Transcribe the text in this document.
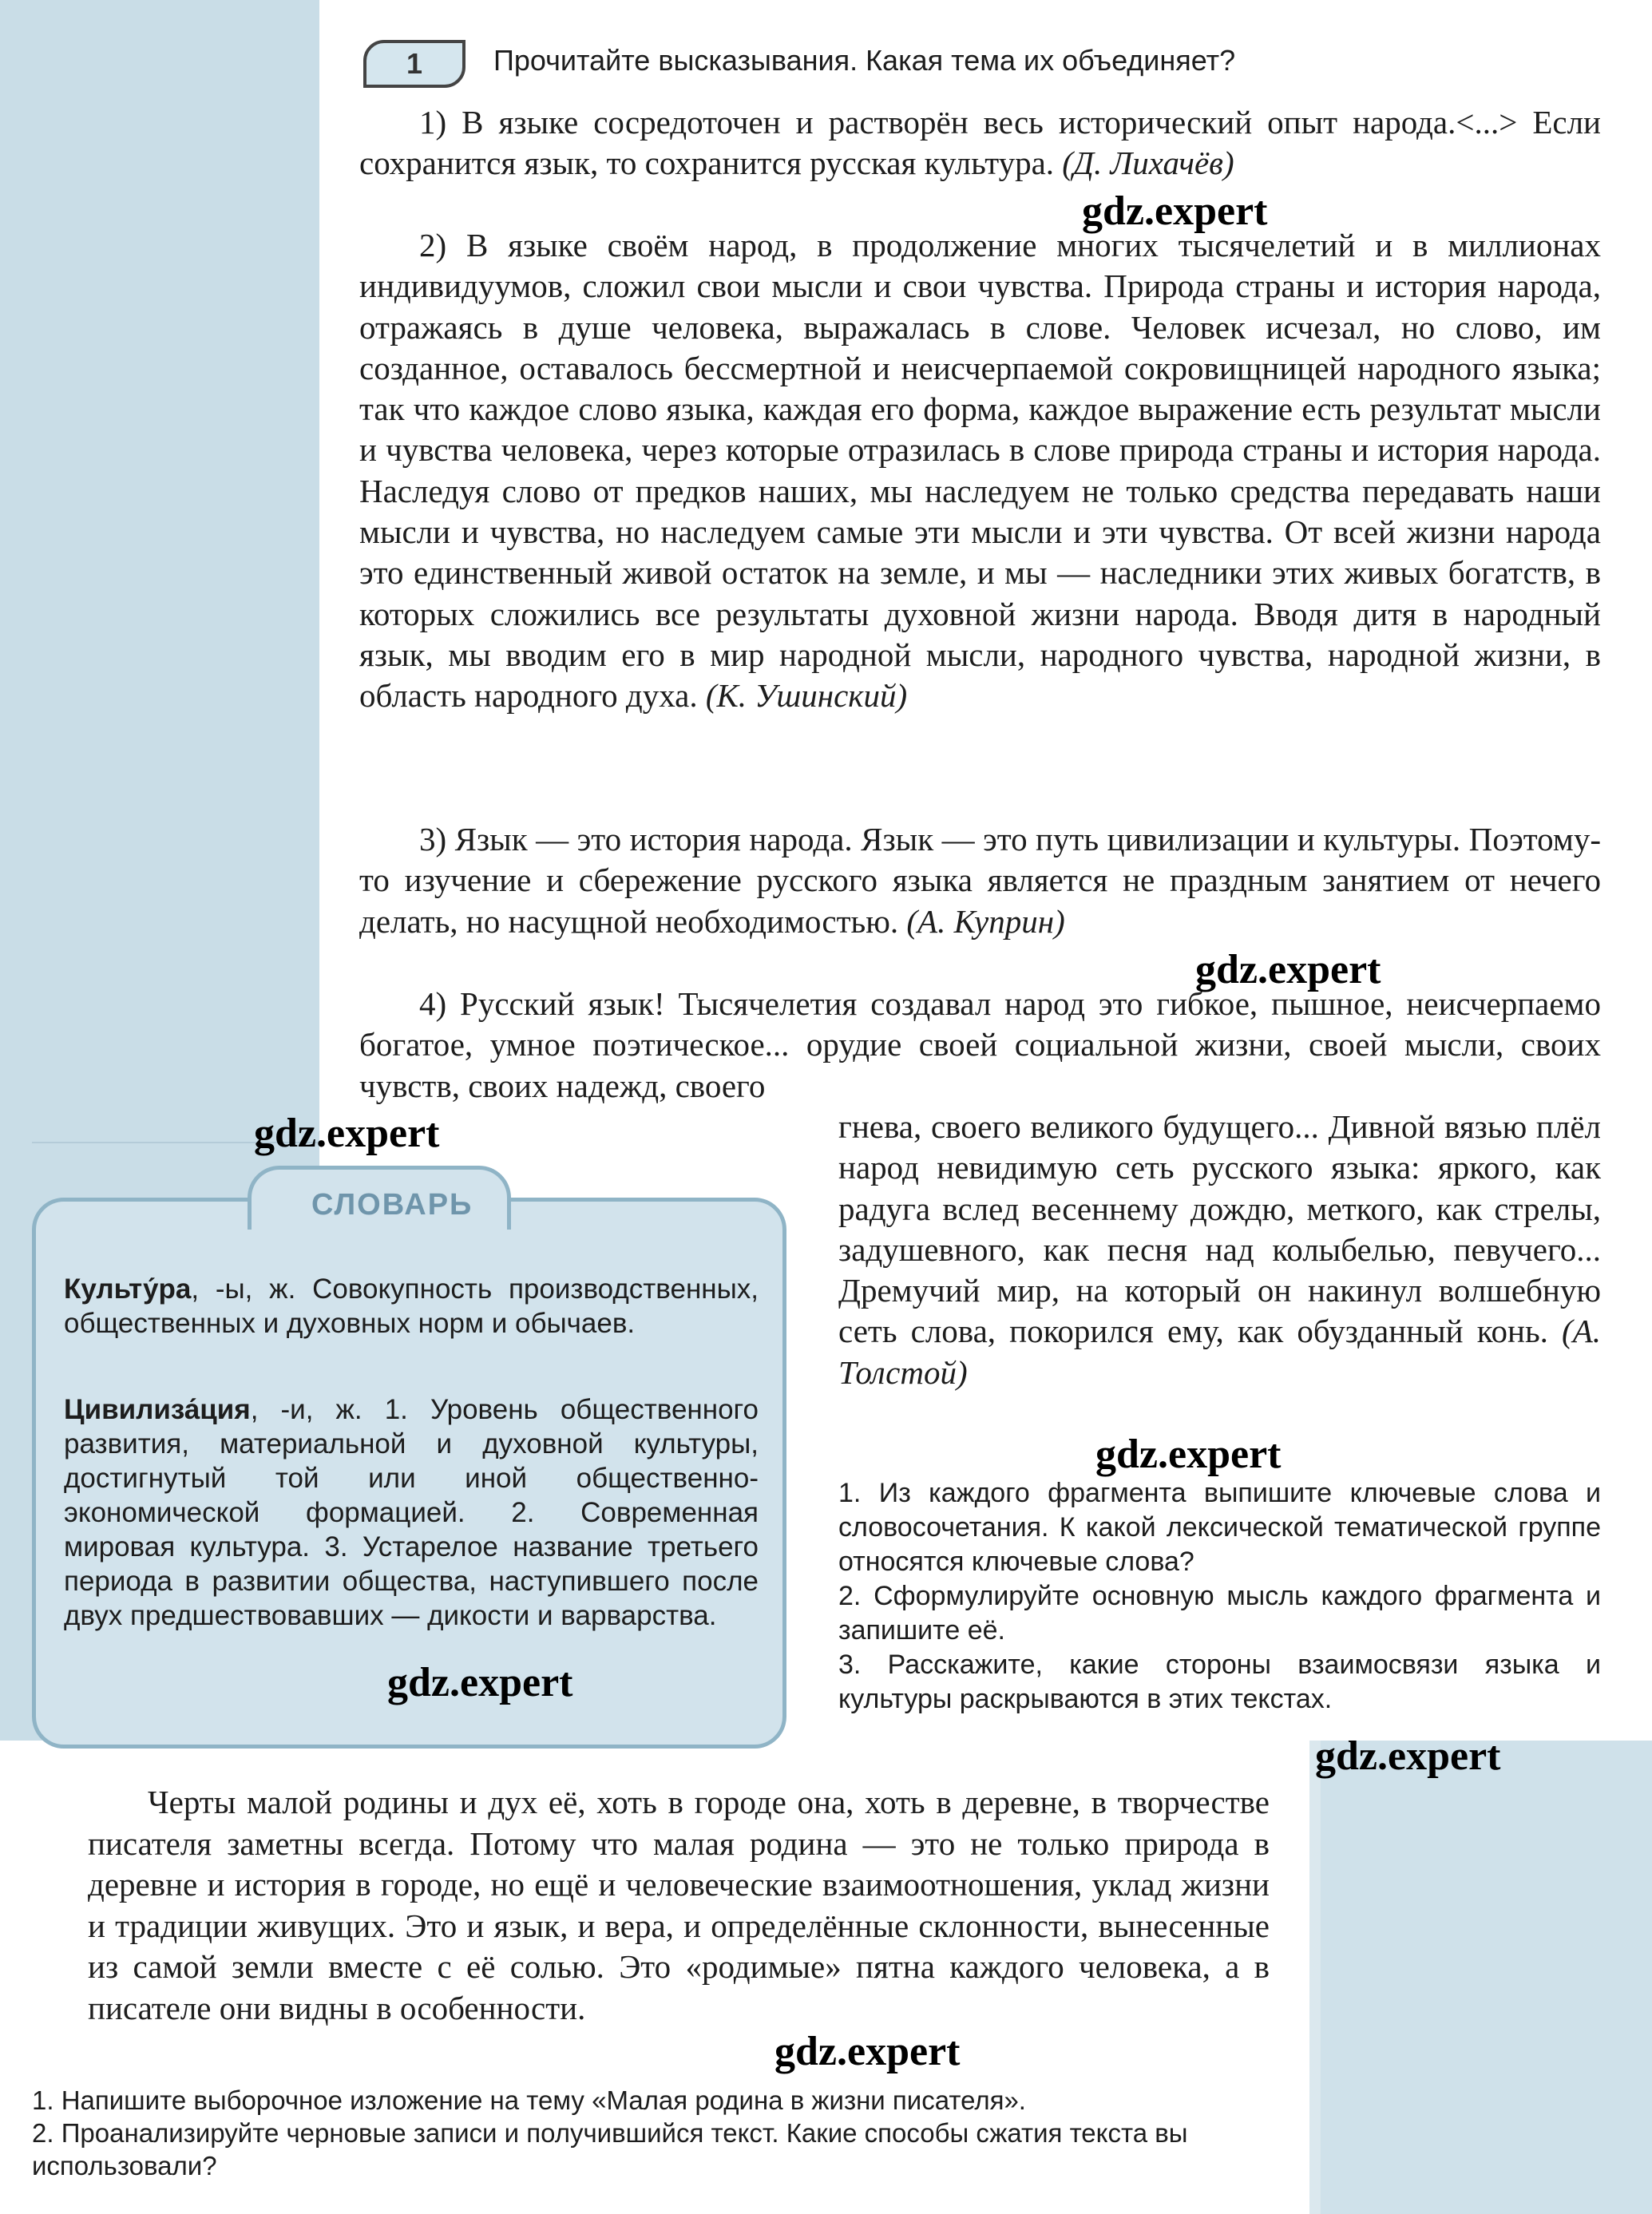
1	Прочитайте высказывания. Какая тема их объединяет?
1) В языке сосредоточен и растворён весь исторический опыт народа.<...> Если сохранится язык, то сохранится русская культура. (Д. Лихачёв)
2) В языке своём народ, в продолжение многих тысячелетий и в миллионах индивидуумов, сложил свои мысли и свои чувства. Природа страны и история народа, отражаясь в душе человека, выражалась в слове. Человек исчезал, но слово, им созданное, оставалось бессмертной и неисчерпаемой сокровищницей народного языка; так что каждое слово языка, каждая его форма, каждое выражение есть результат мысли и чувства человека, через которые отразилась в слове природа страны и история народа. Наследуя слово от предков наших, мы наследуем не только средства передавать наши мысли и чувства, но наследуем самые эти мысли и эти чувства. От всей жизни народа это единственный живой остаток на земле, и мы — наследники этих живых богатств, в которых сложились все результаты духовной жизни народа. Вводя дитя в народный язык, мы вводим его в мир народной мысли, народного чувства, народной жизни, в область народного духа. (К. Ушинский)
3) Язык — это история народа. Язык — это путь цивилизации и культуры. Поэтому-то изучение и сбережение русского языка является не праздным занятием от нечего делать, но насущной необходимостью. (А. Куприн)
4) Русский язык! Тысячелетия создавал народ это гибкое, пышное, неисчерпаемо богатое, умное поэтическое... орудие своей социальной жизни, своей мысли, своих чувств, своих надежд, своего
гнева, своего великого будущего... Дивной вязью плёл народ невидимую сеть русского языка: яркого, как радуга вслед весеннему дождю, меткого, как стрелы, задушевного, как песня над колыбелью, певучего... Дремучий мир, на который он накинул волшебную сеть слова, покорился ему, как обузданный конь. (А. Толстой)
СЛОВАРЬ
Культу́ра, -ы, ж. Совокупность производственных, общественных и духовных норм и обычаев.
Цивилиза́ция, -и, ж. 1. Уровень общественного развития, материальной и духовной культуры, достигнутый той или иной общественно-экономической формацией. 2. Современная мировая культура. 3. Устарелое название третьего периода в развитии общества, наступившего после двух предшествовавших — дикости и варварства.
1. Из каждого фрагмента выпишите ключевые слова и словосочетания. К какой лексической тематической группе относятся ключевые слова?
2. Сформулируйте основную мысль каждого фрагмента и запишите её.
3. Расскажите, какие стороны взаимосвязи языка и культуры раскрываются в этих текстах.
Черты малой родины и дух её, хоть в городе она, хоть в деревне, в творчестве писателя заметны всегда. Потому что малая родина — это не только природа в деревне и история в городе, но ещё и человеческие взаимоотношения, уклад жизни и традиции живущих. Это и язык, и вера, и определённые склонности, вынесенные из самой земли вместе с её солью. Это «родимые» пятна каждого человека, а в писателе они видны в особенности.
1. Напишите выборочное изложение на тему «Малая родина в жизни писателя».
2. Проанализируйте черновые записи и получившийся текст. Какие способы сжатия текста вы использовали?
gdz.expert
gdz.expert
gdz.expert
gdz.expert
gdz.expert
gdz.expert
gdz.expert
